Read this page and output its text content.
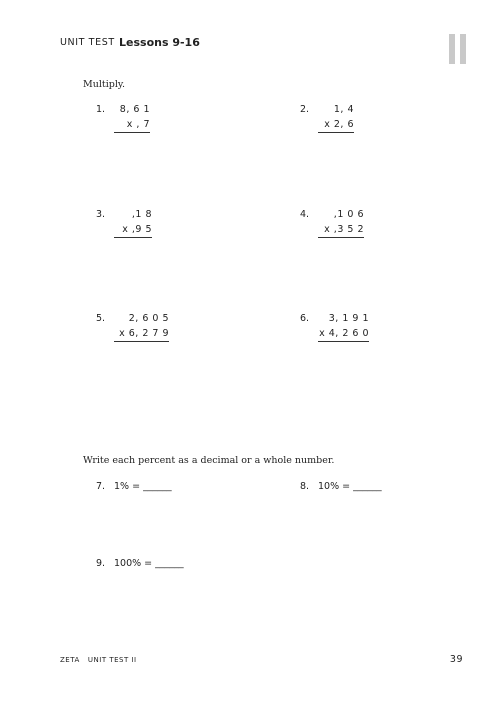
UNIT TEST Lessons 9-16
Multiply.
1.	8, 6 1
x , 7
2.	1, 4
x 2, 6
3.	,1 8
x ,9 5
4.	,1 0 6
x ,3 5 2
5.	2, 6 0 5
x 6, 2 7 9
6.	3, 1 9 1
x 4, 2 6 0
Write each percent as a decimal or a whole number.
7. 1% = ______	8. 10% = ______
9. 100% = ______
ZETA   UNIT TEST II	39
